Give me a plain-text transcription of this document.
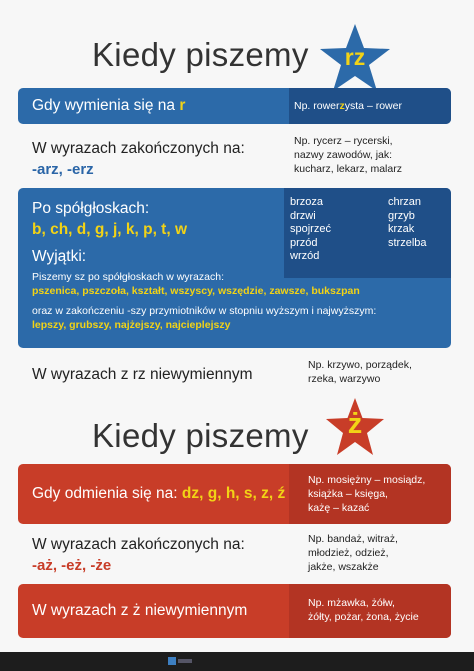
Kiedy piszemy	rz
Gdy wymienia się na r	Np. rowerzysta – rower
W wyrazach zakończonych na:
-arz, -erz
Np. rycerz – rycerski,
nazwy zawodów, jak:
kucharz, lekarz, malarz
Po spółgłoskach:
b, ch, d, g, j, k, p, t, w
Wyjątki:
Piszemy sz po spółgłoskach w wyrazach:
pszenica, pszczoła, kształt, wszyscy, wszędzie, zawsze, bukszpan
oraz w zakończeniu -szy przymiotników w stopniu wyższym i najwyższym:
lepszy, grubszy, najżejszy, najcieplejszy
brzoza
drzwi
spojrzeć
przód
wrzód
chrzan
grzyb
krzak
strzelba
W wyrazach z rz niewymiennym
Np. krzywo, porządek,
rzeka, warzywo
Kiedy piszemy	ż
Gdy odmienia się na: dz, g, h, s, z, ź
Np. mosiężny – mosiądz,
książka – księga,
każę – kazać
W wyrazach zakończonych na:
-aż, -eż, -że
Np. bandaż, witraż,
młodzież, odzież,
jakże, wszakże
W wyrazach z ż niewymiennym	Np. mżawka, żółw,
żółty, pożar, żona, życie
